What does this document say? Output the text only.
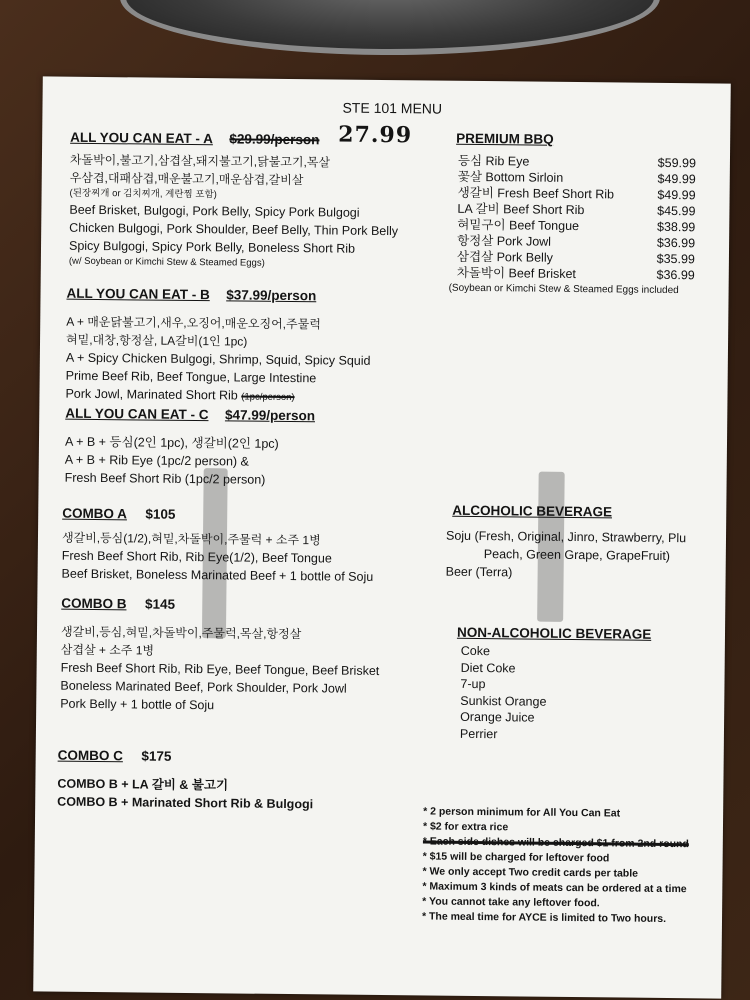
STE 101 MENU
ALL YOU CAN EAT - A $29.99/person 27.99
차돌박이,불고기,삼겹살,돼지불고기,닭불고기,목살
우삼겹,대패삼겹,매운불고기,매운삼겹,갈비살
(된장찌개 or 김치찌개, 계란찜 포함)
Beef Brisket, Bulgogi, Pork Belly, Spicy Pork Bulgogi
Chicken Bulgogi, Pork Shoulder, Beef Belly, Thin Pork Belly
Spicy Bulgogi, Spicy Pork Belly, Boneless Short Rib
(w/ Soybean or Kimchi Stew & Steamed Eggs)
ALL YOU CAN EAT - B $37.99/person
A + 매운닭불고기,새우,오징어,매운오징어,주물럭
혀밑,대창,항정살, LA갈비(1인 1pc)
A + Spicy Chicken Bulgogi, Shrimp, Squid, Spicy Squid
Prime Beef Rib, Beef Tongue, Large Intestine
Pork Jowl, Marinated Short Rib (1pc/person)
ALL YOU CAN EAT - C $47.99/person
A + B + 등심(2인 1pc), 생갈비(2인 1pc)
A + B + Rib Eye (1pc/2 person) &
Fresh Beef Short Rib (1pc/2 person)
COMBO A $105
생갈비,등심(1/2),혀밑,차돌박이,주물럭 + 소주 1병
Fresh Beef Short Rib, Rib Eye(1/2), Beef Tongue
Beef Brisket, Boneless Marinated Beef + 1 bottle of Soju
COMBO B $145
생갈비,등심,혀밑,차돌박이,주물럭,목살,항정살
삼겹살 + 소주 1병
Fresh Beef Short Rib, Rib Eye, Beef Tongue, Beef Brisket
Boneless Marinated Beef, Pork Shoulder, Pork Jowl
Pork Belly + 1 bottle of Soju
COMBO C $175
COMBO B + LA 갈비 & 불고기
COMBO B + Marinated Short Rib & Bulgogi
PREMIUM BBQ
등심 Rib Eye	$59.99
꽃살 Bottom Sirloin	$49.99
생갈비 Fresh Beef Short Rib	$49.99
LA 갈비 Beef Short Rib	$45.99
혀밑구이 Beef Tongue	$38.99
항정살 Pork Jowl	$36.99
삼겹살 Pork Belly	$35.99
차돌박이 Beef Brisket	$36.99
(Soybean or Kimchi Stew & Steamed Eggs included
ALCOHOLIC BEVERAGE
Soju (Fresh, Original, Jinro, Strawberry, Plu
Peach, Green Grape, GrapeFruit)
Beer (Terra)
NON-ALCOHOLIC BEVERAGE
Coke
Diet Coke
7-up
Sunkist Orange
Orange Juice
Perrier
* 2 person minimum for All You Can Eat
* $2 for extra rice
* Each side dishes will be charged $1 from 2nd round
* $15 will be charged for leftover food
* We only accept Two credit cards per table
* Maximum 3 kinds of meats can be ordered at a time
* You cannot take any leftover food.
* The meal time for AYCE is limited to Two hours.
